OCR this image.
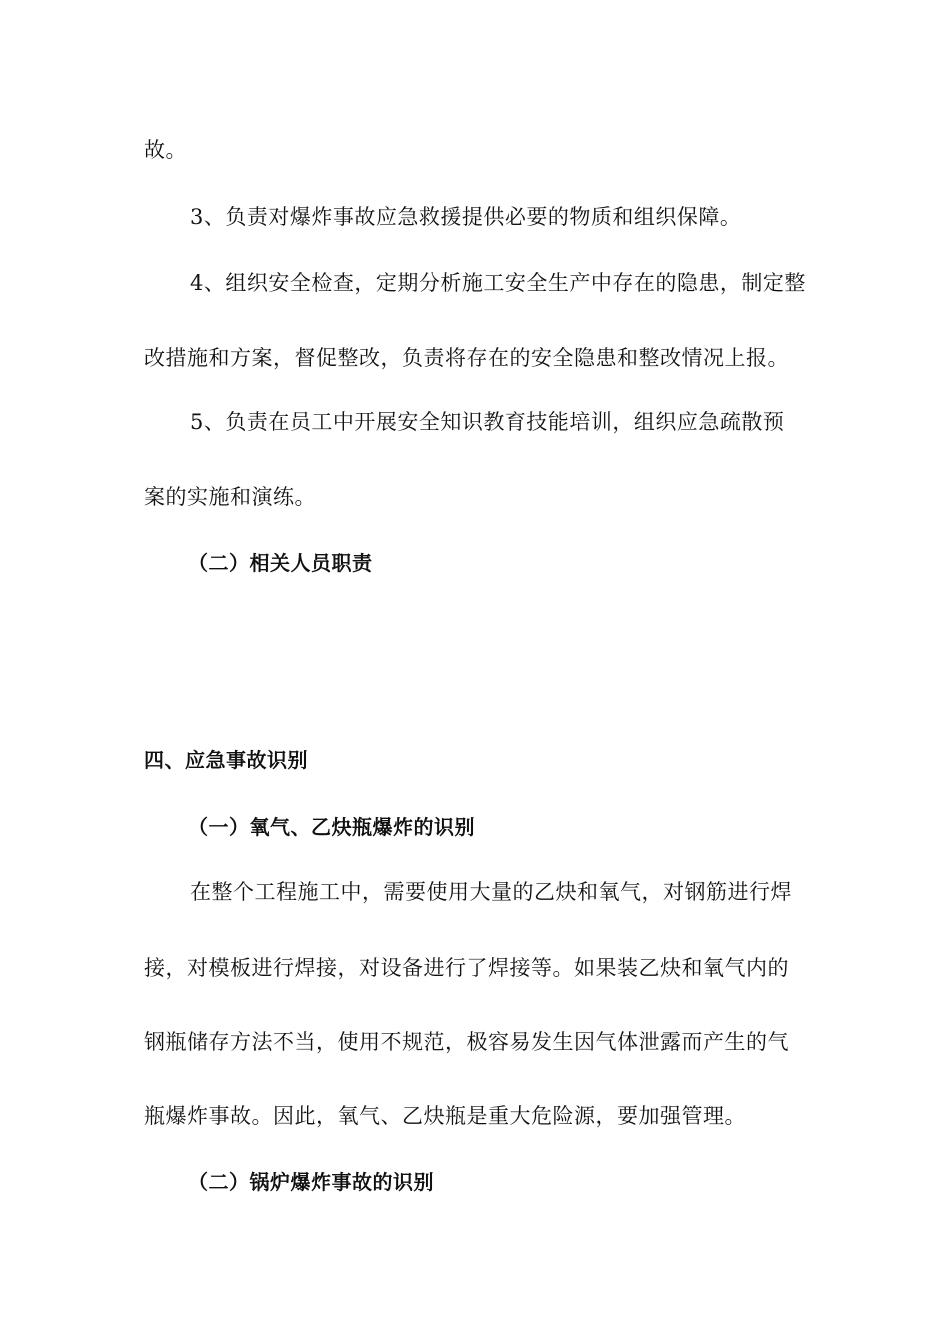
故。
3、负责对爆炸事故应急救援提供必要的物质和组织保障。
4、组织安全检查，定期分析施工安全生产中存在的隐患，制定整
改措施和方案，督促整改，负责将存在的安全隐患和整改情况上报。
5、负责在员工中开展安全知识教育技能培训，组织应急疏散预
案的实施和演练。
（二）相关人员职责
四、应急事故识别
（一）氧气、乙炔瓶爆炸的识别
在整个工程施工中，需要使用大量的乙炔和氧气，对钢筋进行焊
接，对模板进行焊接，对设备进行了焊接等。如果装乙炔和氧气内的
钢瓶储存方法不当，使用不规范，极容易发生因气体泄露而产生的气
瓶爆炸事故。因此，氧气、乙炔瓶是重大危险源，要加强管理。
（二）锅炉爆炸事故的识别
